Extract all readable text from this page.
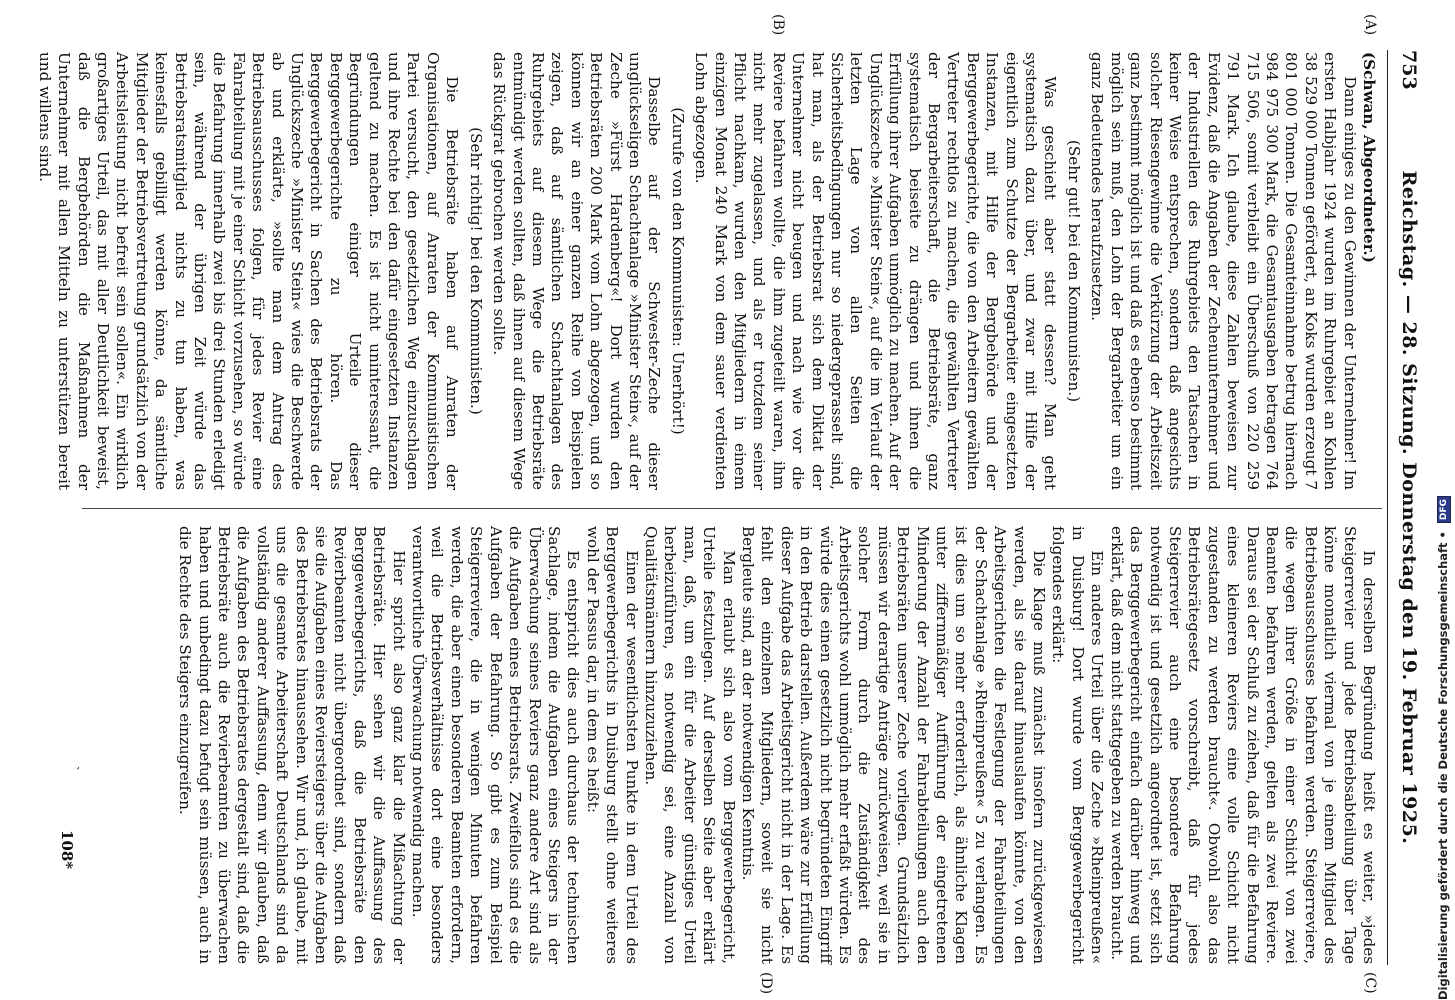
753
Reichstag. — 28. Sitzung. Donnerstag den 19. Februar 1925.
(A)
(B)
(C)
(D)

(Schwan, Abgeordneter.)

Dann einiges zu den Gewinnen der Unternehmer! Im ersten Halbjahr 1924 wurden im Ruhrgebiet an Kohlen 38 529 000 Tonnen gefördert, an Koks wurden erzeugt 7 801 000 Tonnen. Die Gesamteinnahme betrug hiernach 984 975 300 Mark, die Gesamtausgaben betragen 764 715 506, somit verbleibt ein Überschuß von 220 259 791 Mark. Ich glaube, diese Zahlen beweisen zur Evidenz, daß die Angaben der Zechenunternehmer und der Industriellen des Ruhrgebiets den Tatsachen in keiner Weise entsprechen, sondern daß angesichts solcher Riesengewinne die Verkürzung der Arbeitszeit ganz bestimmt möglich ist und daß es ebenso bestimmt möglich sein muß, den Lohn der Bergarbeiter um ein ganz Bedeutendes heraufzusetzen.

(Sehr gut! bei den Kommunisten.)

Was geschieht aber statt dessen? Man geht systematisch dazu über, und zwar mit Hilfe der eigentlich zum Schutze der Bergarbeiter eingesetzten Instanzen, mit Hilfe der Bergbehörde und der Berggewerbegerichte, die von den Arbeitern gewählten Vertreter rechtlos zu machen, die gewählten Vertreter der Bergarbeiterschaft, die Betriebsräte, ganz systematisch beiseite zu drängen und ihnen die Erfüllung ihrer Aufgaben unmöglich zu machen. Auf der Unglückszeche »Minister Stein«, auf die im Verlauf der letzten Lage von allen Seiten die Sicherheitsbedingungen nur so niedergeprasselt sind, hat man, als der Betriebsrat sich dem Diktat der Unternehmer nicht beugen und nach wie vor die Reviere befahren wollte, die ihm zugeteilt waren, ihm nicht mehr zugelassen, und als er trotzdem seiner Pflicht nachkam, wurden den Mitgliedern in einem einzigen Monat 240 Mark von dem sauer verdienten Lohn abgezogen.

(Zurufe von den Kommunisten: Unerhört!)

Dasselbe auf der Schwester-Zeche dieser unglückseligen Schachtanlage »Minister Stein«, auf der Zeche »Fürst Hardenberg«! Dort wurden den Betriebsräten 200 Mark vom Lohn abgezogen, und so können wir an einer ganzen Reihe von Beispielen zeigen, daß auf sämtlichen Schachtanlagen des Ruhrgebiets auf diesem Wege die Betriebsräte entmündigt werden sollten, daß ihnen auf diesem Wege das Rückgrat gebrochen werden sollte.

(Sehr richtig! bei den Kommunisten.)

Die Betriebsräte haben auf Anraten der Organisationen, auf Anraten der Kommunistischen Partei versucht, den gesetzlichen Weg einzuschlagen und ihre Rechte bei den dafür eingesetzten Instanzen geltend zu machen. Es ist nicht uninteressant, die Begründungen einiger Urteile dieser Berggewerbegerichte zu hören. Das Berggewerbegericht in Sachen des Betriebsrats der Unglückszeche »Minister Stein« wies die Beschwerde ab und erklärte, »sollte man dem Antrag des Betriebsausschusses folgen, für jedes Revier eine Fahrabteilung mit je einer Schicht vorzusehen, so würde die Befahrung innerhalb zwei bis drei Stunden erledigt sein, während der übrigen Zeit würde das Betriebsratsmitglied nichts zu tun haben, was keinesfalls gebilligt werden könne, da sämtliche Mitglieder der Betriebsvertretung grundsätzlich von der Arbeitsleistung nicht befreit sein sollen«. Ein wirklich großartiges Urteil, das mit aller Deutlichkeit beweist, daß die Bergbehörden die Maßnahmen der Unternehmer mit allen Mitteln zu unterstützen bereit und willens sind.

In derselben Begründung heißt es weiter, »jedes Steigerrevier und jede Betriebsabteilung über Tage könne monatlich viermal von je einem Mitglied des Betriebsausschusses befahren werden. Steigerreviere, die wegen ihrer Größe in einer Schicht von zwei Beamten befahren werden, gelten als zwei Reviere. Daraus sei der Schluß zu ziehen, daß für die Befahrung eines kleineren Reviers eine volle Schicht nicht zugestanden zu werden braucht«. Obwohl also das Betriebsrätegesetz vorschreibt, daß für jedes Steigerrevier auch eine besondere Befahrung notwendig ist und gesetzlich angeordnet ist, setzt sich das Berggewerbegericht einfach darüber hinweg und erklärt, daß dem nicht stattgegeben zu werden braucht.

Ein anderes Urteil über die Zeche »Rheinpreußen« in Duisburg! Dort wurde vom Berggewerbegericht folgendes erklärt:

Die Klage muß zunächst insofern zurückgewiesen werden, als sie darauf hinauslaufen könnte, von den Arbeitsgerichten die Festlegung der Fahrabteilungen der Schachtanlage »Rheinpreußen« 5 zu verlangen. Es ist dies um so mehr erforderlich, als ähnliche Klagen unter ziffernmäßiger Aufführung der eingetretenen Minderung der Anzahl der Fahrabteilungen auch den Betriebsräten unserer Zeche vorliegen. Grundsätzlich müssen wir derartige Anträge zurückweisen, weil sie in solcher Form durch die Zuständigkeit des Arbeitsgerichts wohl unmöglich mehr erfaßt würden. Es würde dies einen gesetzlich nicht begründeten Eingriff in den Betrieb darstellen. Außerdem wäre zur Erfüllung dieser Aufgabe das Arbeitsgericht nicht in der Lage. Es fehlt den einzelnen Mitgliedern, soweit sie nicht Bergleute sind, an der notwendigen Kenntnis.

Man erlaubt sich also vom Berggewerbegericht, Urteile festzulegen. Auf derselben Seite aber erklärt man, daß, um ein für die Arbeiter günstiges Urteil herbeizuführen, es notwendig sei, eine Anzahl von Qualitätsmännern hinzuzuziehen.

Einen der wesentlichsten Punkte in dem Urteil des Berggewerbegerichts in Duisburg stellt ohne weiteres wohl der Passus dar, in dem es heißt:

Es entspricht dies auch durchaus der technischen Sachlage, indem die Aufgaben eines Steigers in der Überwachung seines Reviers ganz andere Art sind als die Aufgaben eines Betriebsrats. Zweifellos sind es die Aufgaben der Befahrung. So gibt es zum Beispiel Steigerreviere, die in wenigen Minuten befahren werden, die aber einen besonderen Beamten erfordern, weil die Betriebsverhältnisse dort eine besonders verantwortliche Überwachung notwendig machen.

Hier spricht also ganz klar die Mißachtung der Betriebsräte. Hier sehen wir die Auffassung des Berggewerbegerichts, daß die Betriebsräte den Revierbeamten nicht übergeordnet sind, sondern daß sie die Aufgaben eines Reviersteigers über die Aufgaben des Betriebsrates hinaussehen. Wir und, ich glaube, mit uns die gesamte Arbeiterschaft Deutschlands sind da vollständig anderer Auffassung, denn wir glauben, daß die Aufgaben des Betriebsrates dergestalt sind, daß die Betriebsräte auch die Revierbeamten zu überwachen haben und unbedingt dazu befugt sein müssen, auch in die Rechte des Steigers einzugreifen.

ˏ
108*	Digitalisierung gefördert durch die Deutsche Forschungsgemeinschaft • DFG
